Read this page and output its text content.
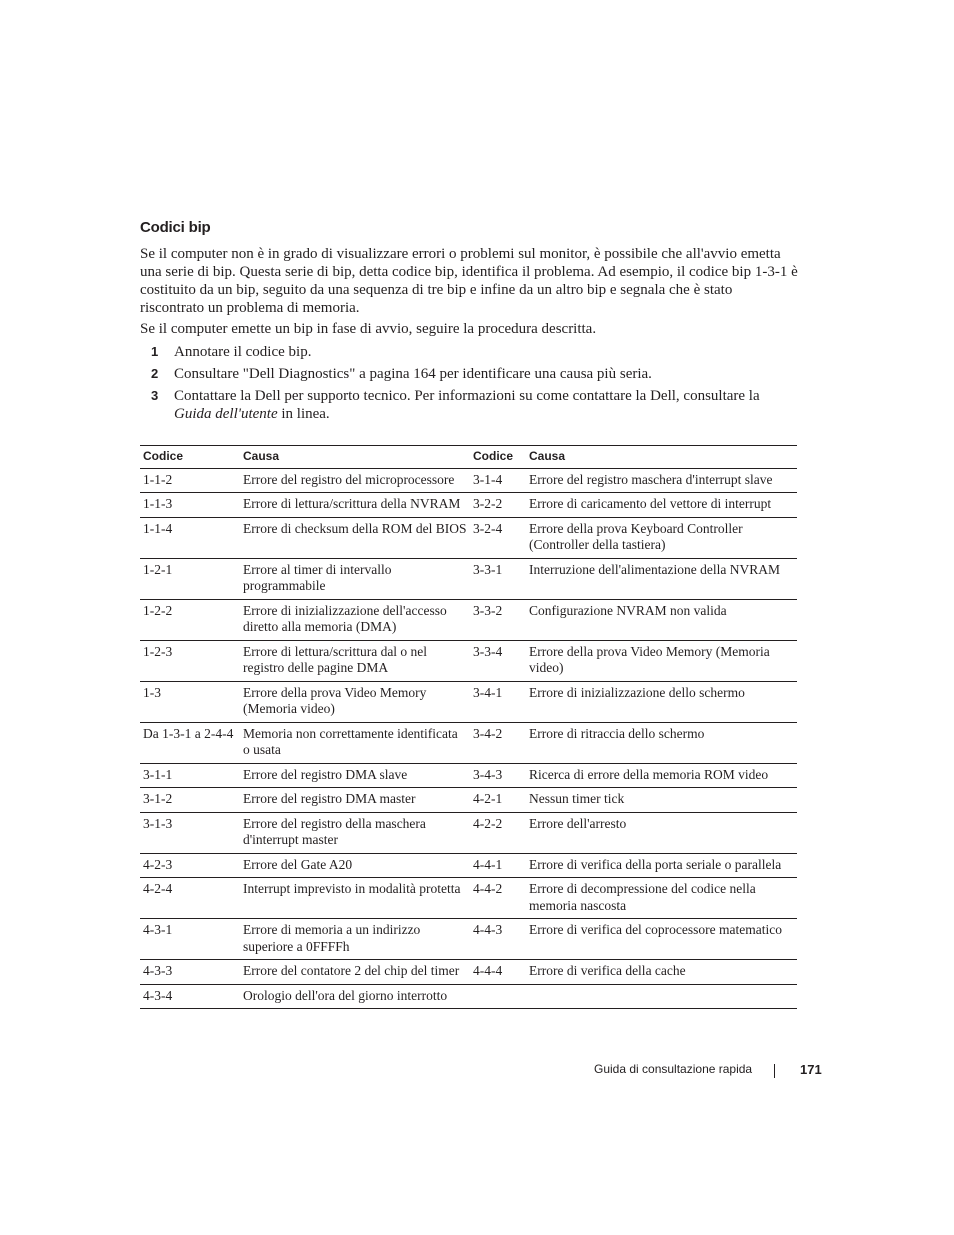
Codici bip

Se il computer non è in grado di visualizzare errori o problemi sul monitor, è possibile che all'avvio emetta una serie di bip. Questa serie di bip, detta codice bip, identifica il problema. Ad esempio, il codice bip 1-3-1 è costituito da un bip, seguito da una sequenza di tre bip e infine da un altro bip e segnala che è stato riscontrato un problema di memoria.

Se il computer emette un bip in fase di avvio, seguire la procedura descritta.

1 Annotare il codice bip.
2 Consultare "Dell Diagnostics" a pagina 164 per identificare una causa più seria.
3 Contattare la Dell per supporto tecnico. Per informazioni su come contattare la Dell, consultare la Guida dell'utente in linea.
Codice	Causa	Codice	Causa
1-1-2	Errore del registro del microprocessore	3-1-4	Errore del registro maschera d'interrupt slave
1-1-3	Errore di lettura/scrittura della NVRAM	3-2-2	Errore di caricamento del vettore di interrupt
1-1-4	Errore di checksum della ROM del BIOS	3-2-4	Errore della prova Keyboard Controller (Controller della tastiera)
1-2-1	Errore al timer di intervallo programmabile	3-3-1	Interruzione dell'alimentazione della NVRAM
1-2-2	Errore di inizializzazione dell'accesso diretto alla memoria (DMA)	3-3-2	Configurazione NVRAM non valida
1-2-3	Errore di lettura/scrittura dal o nel registro delle pagine DMA	3-3-4	Errore della prova Video Memory (Memoria video)
1-3	Errore della prova Video Memory (Memoria video)	3-4-1	Errore di inizializzazione dello schermo
Da 1-3-1 a 2-4-4	Memoria non correttamente identificata o usata	3-4-2	Errore di ritraccia dello schermo
3-1-1	Errore del registro DMA slave	3-4-3	Ricerca di errore della memoria ROM video
3-1-2	Errore del registro DMA master	4-2-1	Nessun timer tick
3-1-3	Errore del registro della maschera d'interrupt master	4-2-2	Errore dell'arresto
4-2-3	Errore del Gate A20	4-4-1	Errore di verifica della porta seriale o parallela
4-2-4	Interrupt imprevisto in modalità protetta	4-4-2	Errore di decompressione del codice nella memoria nascosta
4-3-1	Errore di memoria a un indirizzo superiore a 0FFFFh	4-4-3	Errore di verifica del coprocessore matematico
4-3-3	Errore del contatore 2 del chip del timer	4-4-4	Errore di verifica della cache
4-3-4	Orologio dell'ora del giorno interrotto		
Guida di consultazione rapida	171
